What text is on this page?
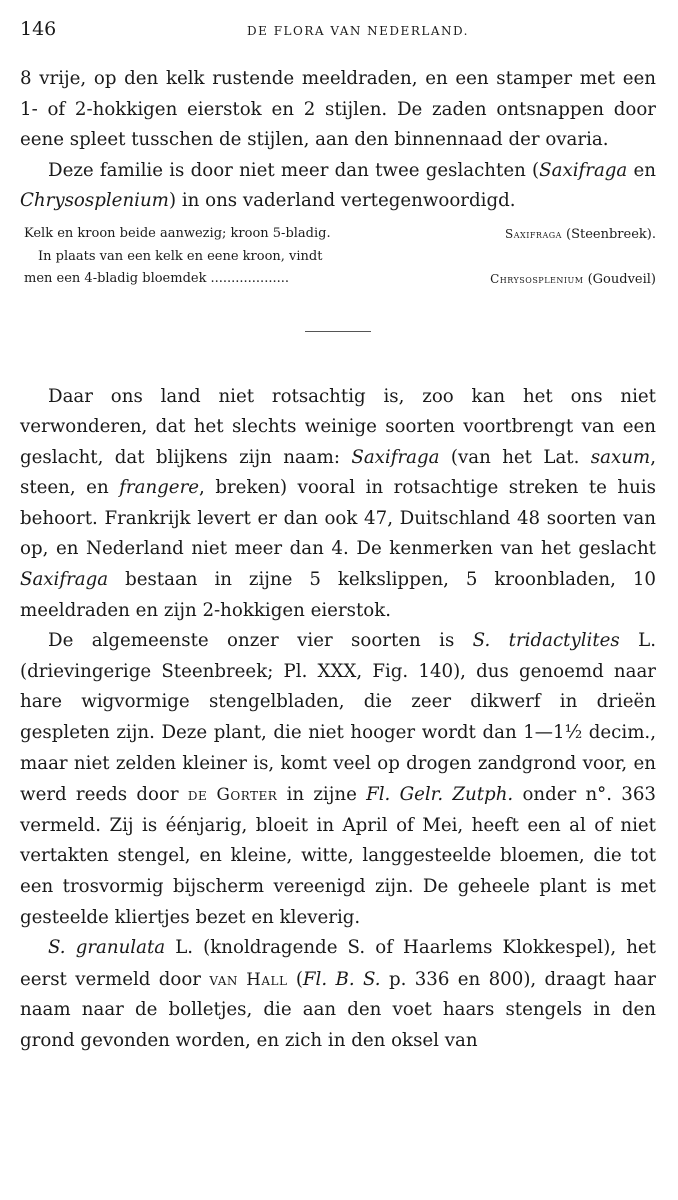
146	DE FLORA VAN NEDERLAND.

8 vrije, op den kelk rustende meeldraden, en een stamper met een 1- of 2-hokkigen eierstok en 2 stijlen. De zaden ontsnappen door eene spleet tusschen de stijlen, aan den binnennaad der ovaria.

Deze familie is door niet meer dan twee geslachten (Saxifraga en Chrysosplenium) in ons vaderland vertegenwoordigd.

Kelk en kroon beide aanwezig; kroon 5-bladig.	Saxifraga (Steenbreek).
In plaats van een kelk en eene kroon, vindt
men een 4-bladig bloemdek ...................	Chrysosplenium (Goudveil)

Daar ons land niet rotsachtig is, zoo kan het ons niet verwonderen, dat het slechts weinige soorten voortbrengt van een geslacht, dat blijkens zijn naam: Saxifraga (van het Lat. saxum, steen, en frangere, breken) vooral in rotsachtige streken te huis behoort. Frankrijk levert er dan ook 47, Duitschland 48 soorten van op, en Nederland niet meer dan 4. De kenmerken van het geslacht Saxifraga bestaan in zijne 5 kelkslippen, 5 kroonbladen, 10 meeldraden en zijn 2-hokkigen eierstok.

De algemeenste onzer vier soorten is S. tridactylites L. (drievingerige Steenbreek; Pl. XXX, Fig. 140), dus genoemd naar hare wigvormige stengelbladen, die zeer dikwerf in drieën gespleten zijn. Deze plant, die niet hooger wordt dan 1—1½ decim., maar niet zelden kleiner is, komt veel op drogen zandgrond voor, en werd reeds door de Gorter in zijne Fl. Gelr. Zutph. onder n°. 363 vermeld. Zij is éénjarig, bloeit in April of Mei, heeft een al of niet vertakten stengel, en kleine, witte, langgesteelde bloemen, die tot een trosvormig bijscherm vereenigd zijn. De geheele plant is met gesteelde kliertjes bezet en kleverig.

S. granulata L. (knoldragende S. of Haarlems Klokkespel), het eerst vermeld door van Hall (Fl. B. S. p. 336 en 800), draagt haar naam naar de bolletjes, die aan den voet haars stengels in den grond gevonden worden, en zich in den oksel van
